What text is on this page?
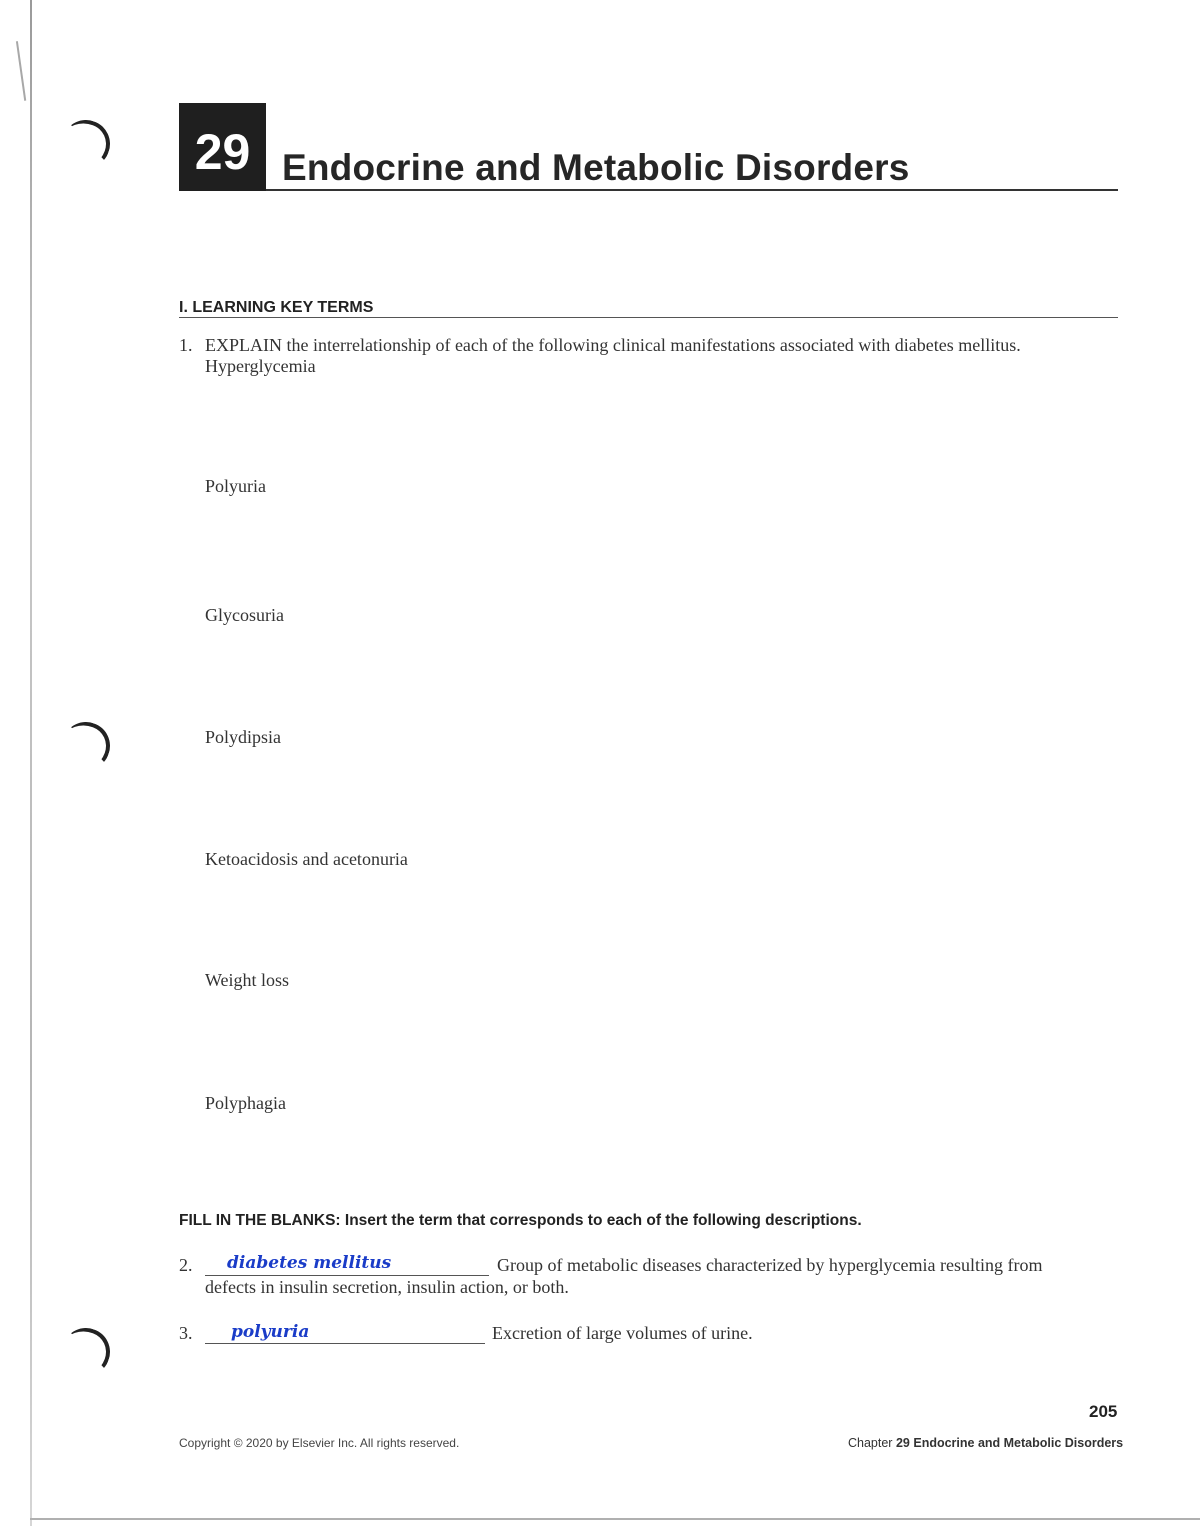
29 Endocrine and Metabolic Disorders
I. LEARNING KEY TERMS
1. EXPLAIN the interrelationship of each of the following clinical manifestations associated with diabetes mellitus.
Hyperglycemia
Polyuria
Glycosuria
Polydipsia
Ketoacidosis and acetonuria
Weight loss
Polyphagia
FILL IN THE BLANKS: Insert the term that corresponds to each of the following descriptions.
2. diabetes mellitus	Group of metabolic diseases characterized by hyperglycemia resulting from
defects in insulin secretion, insulin action, or both.
3. polyuria	Excretion of large volumes of urine.
205
Copyright © 2020 by Elsevier Inc. All rights reserved.	Chapter 29 Endocrine and Metabolic Disorders
